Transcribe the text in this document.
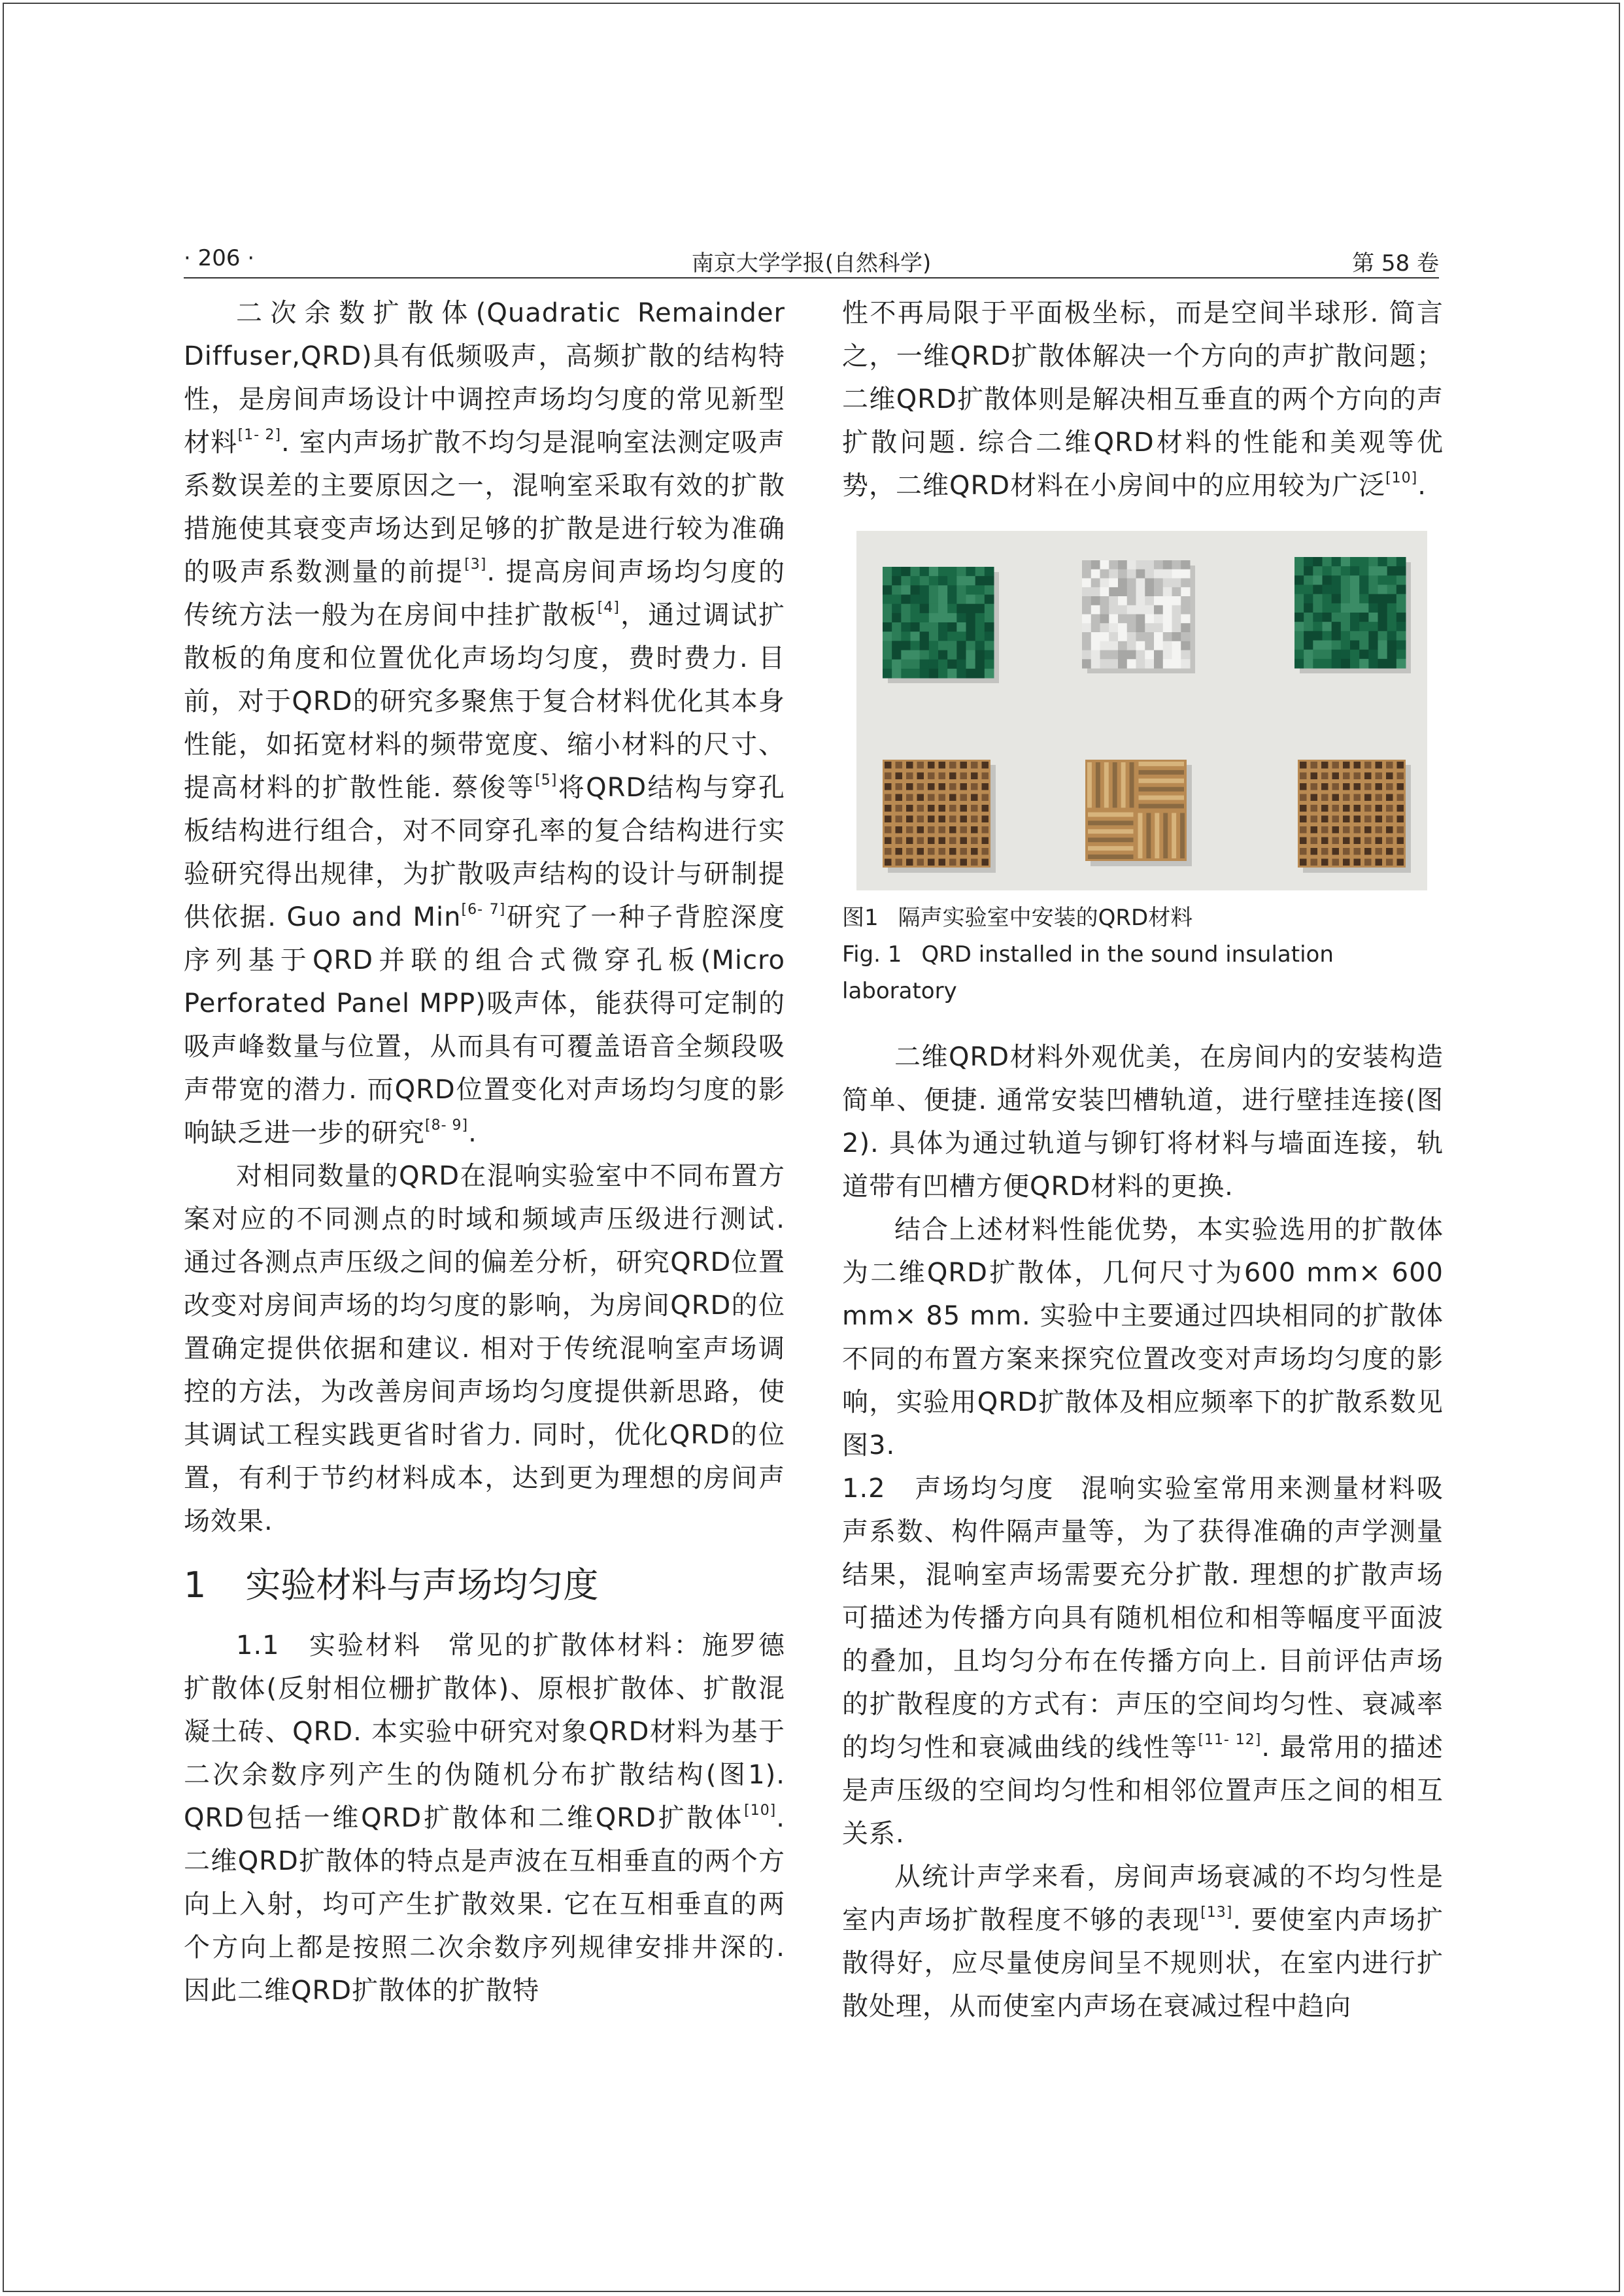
南京大学学报(自然科学)
· 206 ·	第 58 卷

二次余数扩散体(Quadratic Remainder Diffuser,QRD)具有低频吸声，高频扩散的结构特性，是房间声场设计中调控声场均匀度的常见新型材料[1- 2]. 室内声场扩散不均匀是混响室法测定吸声系数误差的主要原因之一，混响室采取有效的扩散措施使其衰变声场达到足够的扩散是进行较为准确的吸声系数测量的前提[3]. 提高房间声场均匀度的传统方法一般为在房间中挂扩散板[4]，通过调试扩散板的角度和位置优化声场均匀度，费时费力. 目前，对于QRD的研究多聚焦于复合材料优化其本身性能，如拓宽材料的频带宽度、缩小材料的尺寸、提高材料的扩散性能. 蔡俊等[5]将QRD结构与穿孔板结构进行组合，对不同穿孔率的复合结构进行实验研究得出规律，为扩散吸声结构的设计与研制提供依据. Guo and Min[6- 7]研究了一种子背腔深度序列基于QRD并联的组合式微穿孔板(Micro Perforated Panel MPP)吸声体，能获得可定制的吸声峰数量与位置，从而具有可覆盖语音全频段吸声带宽的潜力. 而QRD位置变化对声场均匀度的影响缺乏进一步的研究[8- 9].

对相同数量的QRD在混响实验室中不同布置方案对应的不同测点的时域和频域声压级进行测试. 通过各测点声压级之间的偏差分析，研究QRD位置改变对房间声场的均匀度的影响，为房间QRD的位置确定提供依据和建议. 相对于传统混响室声场调控的方法，为改善房间声场均匀度提供新思路，使其调试工程实践更省时省力. 同时，优化QRD的位置，有利于节约材料成本，达到更为理想的房间声场效果.

1 实验材料与声场均匀度

1.1　实验材料 常见的扩散体材料：施罗德扩散体(反射相位栅扩散体)、原根扩散体、扩散混凝土砖、QRD. 本实验中研究对象QRD材料为基于二次余数序列产生的伪随机分布扩散结构(图1). QRD包括一维QRD扩散体和二维QRD扩散体[10]. 二维QRD扩散体的特点是声波在互相垂直的两个方向上入射，均可产生扩散效果. 它在互相垂直的两个方向上都是按照二次余数序列规律安排井深的. 因此二维QRD扩散体的扩散特

性不再局限于平面极坐标，而是空间半球形. 简言之，一维QRD扩散体解决一个方向的声扩散问题；二维QRD扩散体则是解决相互垂直的两个方向的声扩散问题. 综合二维QRD材料的性能和美观等优势，二维QRD材料在小房间中的应用较为广泛[10].

图1 隔声实验室中安装的QRD材料
Fig. 1 QRD installed in the sound insulation laboratory

二维QRD材料外观优美，在房间内的安装构造简单、便捷. 通常安装凹槽轨道，进行壁挂连接(图2). 具体为通过轨道与铆钉将材料与墙面连接，轨道带有凹槽方便QRD材料的更换.

结合上述材料性能优势，本实验选用的扩散体为二维QRD扩散体，几何尺寸为600 mm× 600 mm× 85 mm. 实验中主要通过四块相同的扩散体不同的布置方案来探究位置改变对声场均匀度的影响，实验用QRD扩散体及相应频率下的扩散系数见图3.

1.2　声场均匀度 混响实验室常用来测量材料吸声系数、构件隔声量等，为了获得准确的声学测量结果，混响室声场需要充分扩散. 理想的扩散声场可描述为传播方向具有随机相位和相等幅度平面波的叠加，且均匀分布在传播方向上. 目前评估声场的扩散程度的方式有：声压的空间均匀性、衰减率的均匀性和衰减曲线的线性等[11- 12]. 最常用的描述是声压级的空间均匀性和相邻位置声压之间的相互关系.

从统计声学来看，房间声场衰减的不均匀性是室内声场扩散程度不够的表现[13]. 要使室内声场扩散得好，应尽量使房间呈不规则状，在室内进行扩散处理，从而使室内声场在衰减过程中趋向
